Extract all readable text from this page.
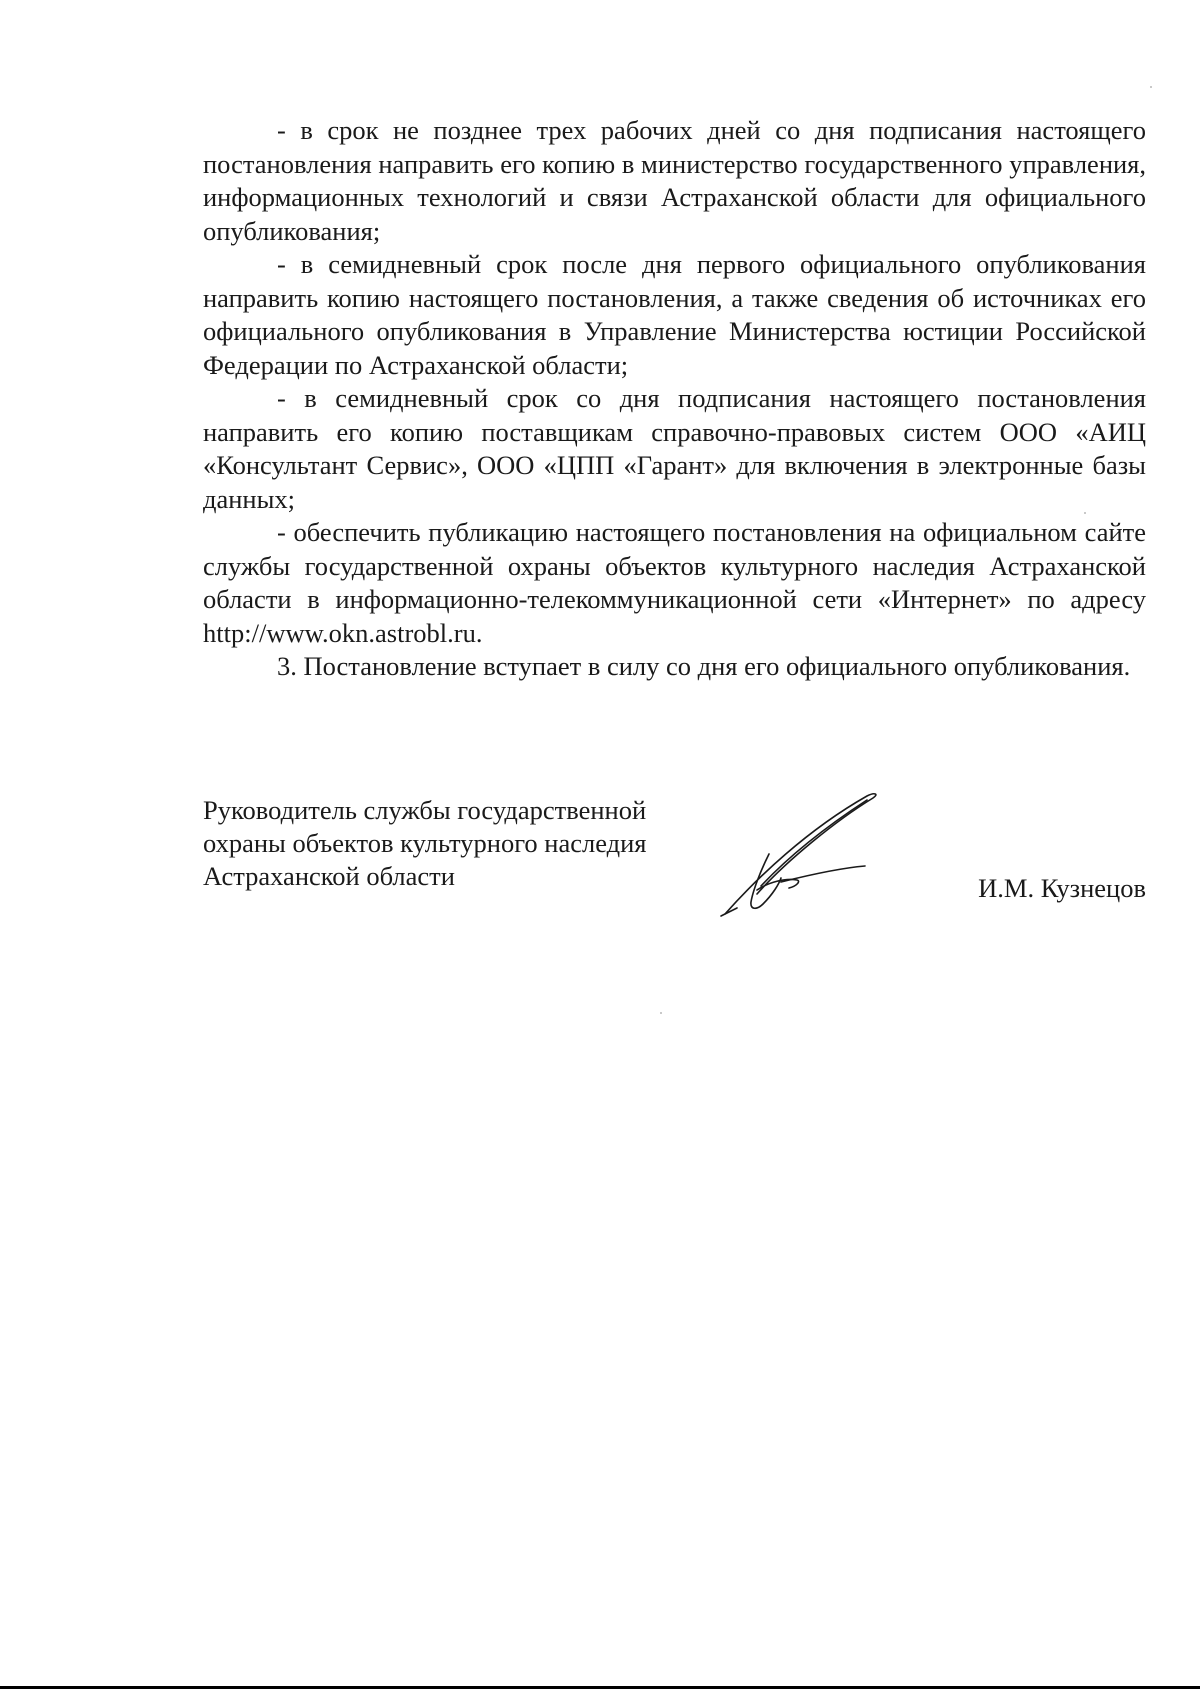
- в срок не позднее трех рабочих дней со дня подписания настоящего постановления направить его копию в министерство государственного управления, информационных технологий и связи Астраханской области для официального опубликования;

- в семидневный срок после дня первого официального опубликования направить копию настоящего постановления, а также сведения об источниках его официального опубликования в Управление Министерства юстиции Российской Федерации по Астраханской области;

- в семидневный срок со дня подписания настоящего постановления направить его копию поставщикам справочно-правовых систем ООО «АИЦ «Консультант Сервис», ООО «ЦПП «Гарант» для включения в электронные базы данных;

- обеспечить публикацию настоящего постановления на официальном сайте службы государственной охраны объектов культурного наследия Астраханской области в информационно-телекоммуникационной сети «Интернет» по адресу http://www.okn.astrobl.ru.

3. Постановление вступает в силу со дня его официального опубликования.

Руководитель службы государственной
охраны объектов культурного наследия
Астраханской области	И.М. Кузнецов
